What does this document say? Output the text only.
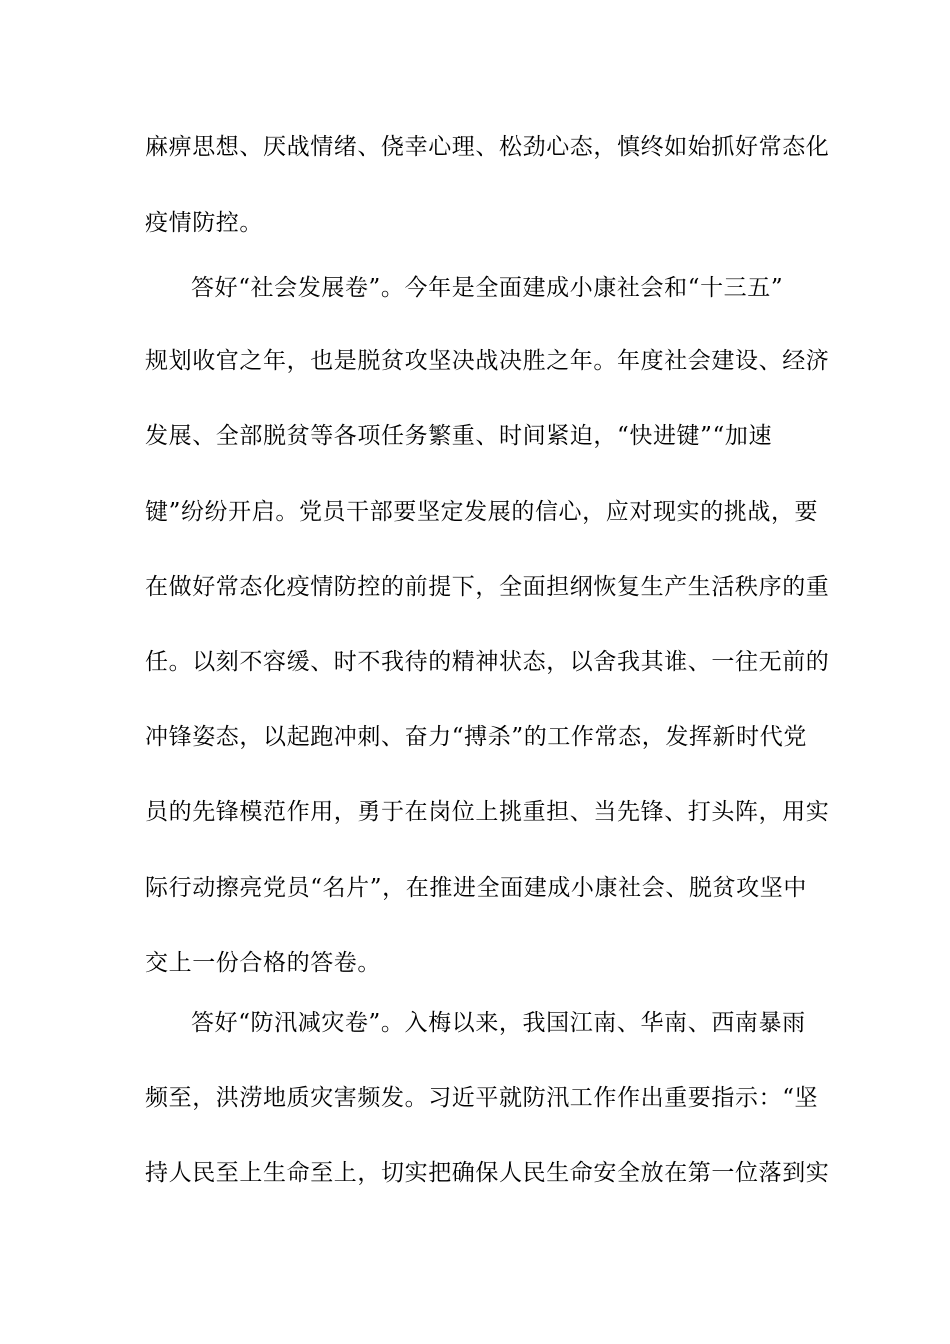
麻痹思想、厌战情绪、侥幸心理、松劲心态，慎终如始抓好常态化
疫情防控。
答好“社会发展卷”。今年是全面建成小康社会和“十三五”
规划收官之年，也是脱贫攻坚决战决胜之年。年度社会建设、经济
发展、全部脱贫等各项任务繁重、时间紧迫，“快进键”“加速
键”纷纷开启。党员干部要坚定发展的信心，应对现实的挑战，要
在做好常态化疫情防控的前提下，全面担纲恢复生产生活秩序的重
任。以刻不容缓、时不我待的精神状态，以舍我其谁、一往无前的
冲锋姿态，以起跑冲刺、奋力“搏杀”的工作常态，发挥新时代党
员的先锋模范作用，勇于在岗位上挑重担、当先锋、打头阵，用实
际行动擦亮党员“名片”，在推进全面建成小康社会、脱贫攻坚中
交上一份合格的答卷。
答好“防汛减灾卷”。入梅以来，我国江南、华南、西南暴雨
频至，洪涝地质灾害频发。习近平就防汛工作作出重要指示：“坚
持人民至上生命至上，切实把确保人民生命安全放在第一位落到实
